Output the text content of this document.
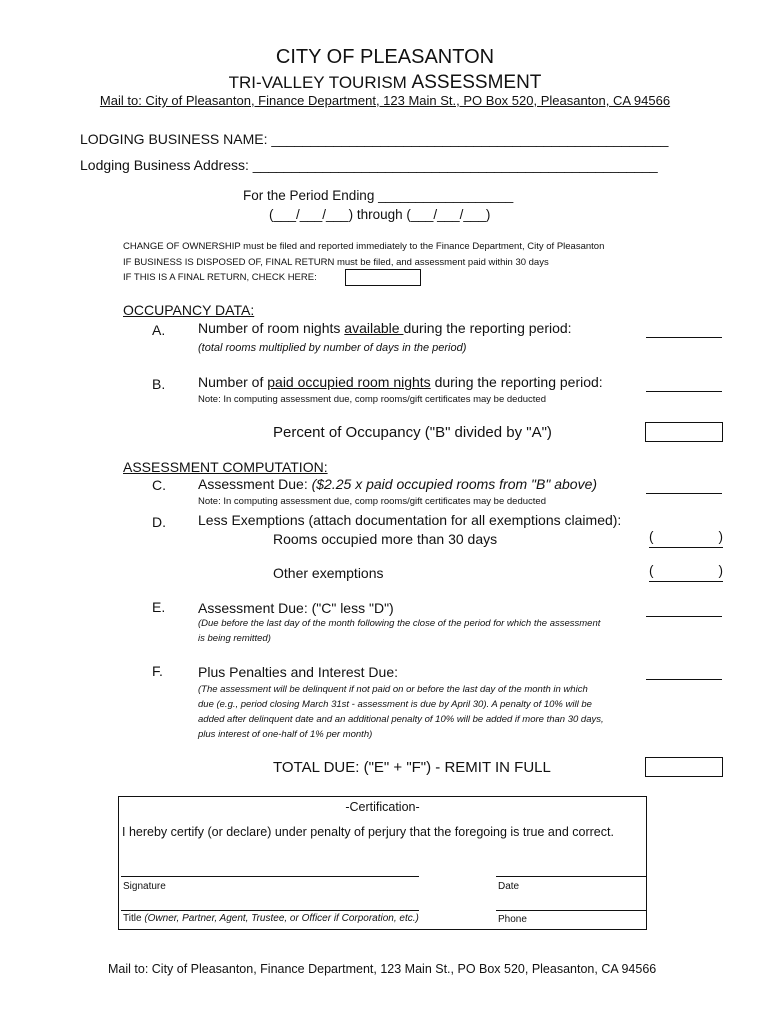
CITY OF PLEASANTON
TRI-VALLEY TOURISM ASSESSMENT
Mail to: City of Pleasanton, Finance Department, 123 Main St., PO Box 520, Pleasanton, CA 94566
LODGING BUSINESS NAME: ___________________________________________________
Lodging Business Address: ____________________________________________________
For the Period Ending __________________
(___/___/___) through (___/___/___)
CHANGE OF OWNERSHIP must be filed and reported immediately to the Finance Department, City of Pleasanton
IF BUSINESS IS DISPOSED OF, FINAL RETURN must be filed, and assessment paid within 30 days
IF THIS IS A FINAL RETURN, CHECK HERE:
OCCUPANCY DATA:
A. Number of room nights available during the reporting period:
(total rooms multiplied by number of days in the period)
B. Number of paid occupied room nights during the reporting period:
Note: In computing assessment due, comp rooms/gift certificates may be deducted
Percent of Occupancy ("B" divided by "A")
ASSESSMENT COMPUTATION:
C. Assessment Due: ($2.25 x paid occupied rooms from "B" above)
Note: In computing assessment due, comp rooms/gift certificates may be deducted
D. Less Exemptions (attach documentation for all exemptions claimed):
Rooms occupied more than 30 days	(	)
Other exemptions	(	)
E. Assessment Due: ("C" less "D")
(Due before the last day of the month following the close of the period for which the assessment
is being remitted)
F.	Plus Penalties and Interest Due:
(The assessment will be delinquent if not paid on or before the last day of the month in which
due (e.g., period closing March 31st - assessment is due by April 30). A penalty of 10% will be
added after delinquent date and an additional penalty of 10% will be added if more than 30 days,
plus interest of one-half of 1% per month)
TOTAL DUE: ("E" + "F") - REMIT IN FULL
-Certification-
I hereby certify (or declare) under penalty of perjury that the foregoing is true and correct.
Signature	Date
Title (Owner, Partner, Agent, Trustee, or Officer if Corporation, etc.)	Phone
Mail to: City of Pleasanton, Finance Department, 123 Main St., PO Box 520, Pleasanton, CA 94566
